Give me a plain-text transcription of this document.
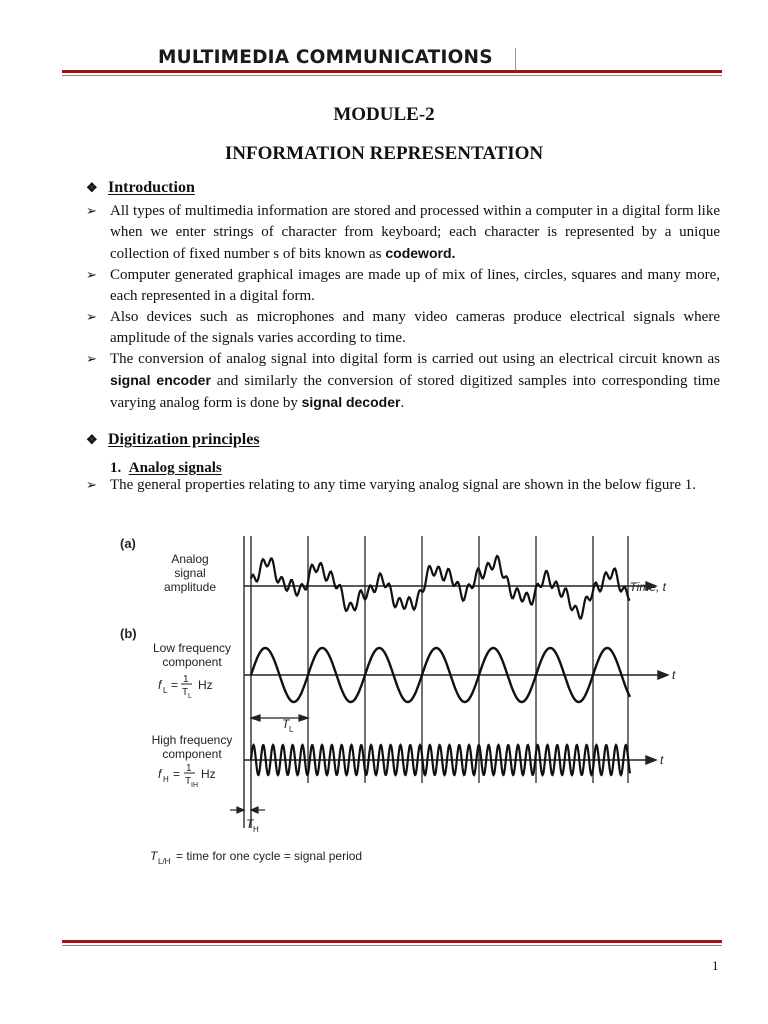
MULTIMEDIA COMMUNICATIONS
MODULE-2
INFORMATION REPRESENTATION
❖ Introduction

➢ All types of multimedia information are stored and processed within a computer in a digital form like when we enter strings of character from keyboard; each character is represented by a unique collection of fixed number s of bits known as codeword.

➢ Computer generated graphical images are made up of mix of lines, circles, squares and many more, each represented in a digital form.

➢ Also devices such as microphones and many video cameras produce electrical signals where amplitude of the signals varies according to time.

➢ The conversion of analog signal into digital form is carried out using an electrical circuit known as signal encoder and similarly the conversion of stored digitized samples into corresponding time varying analog form is done by signal decoder.

❖ Digitization principles
1. Analog signals

➢ The general properties relating to any time varying analog signal are shown in the below figure 1.

(a)
(b)
Analog
signal
amplitude	Time, t
t
t
Low frequency
component
f L = 1
T L
Hz
High frequency
component
f H = 1
T IH
Hz
T L
T H
T L/H = time for one cycle = signal period
1
